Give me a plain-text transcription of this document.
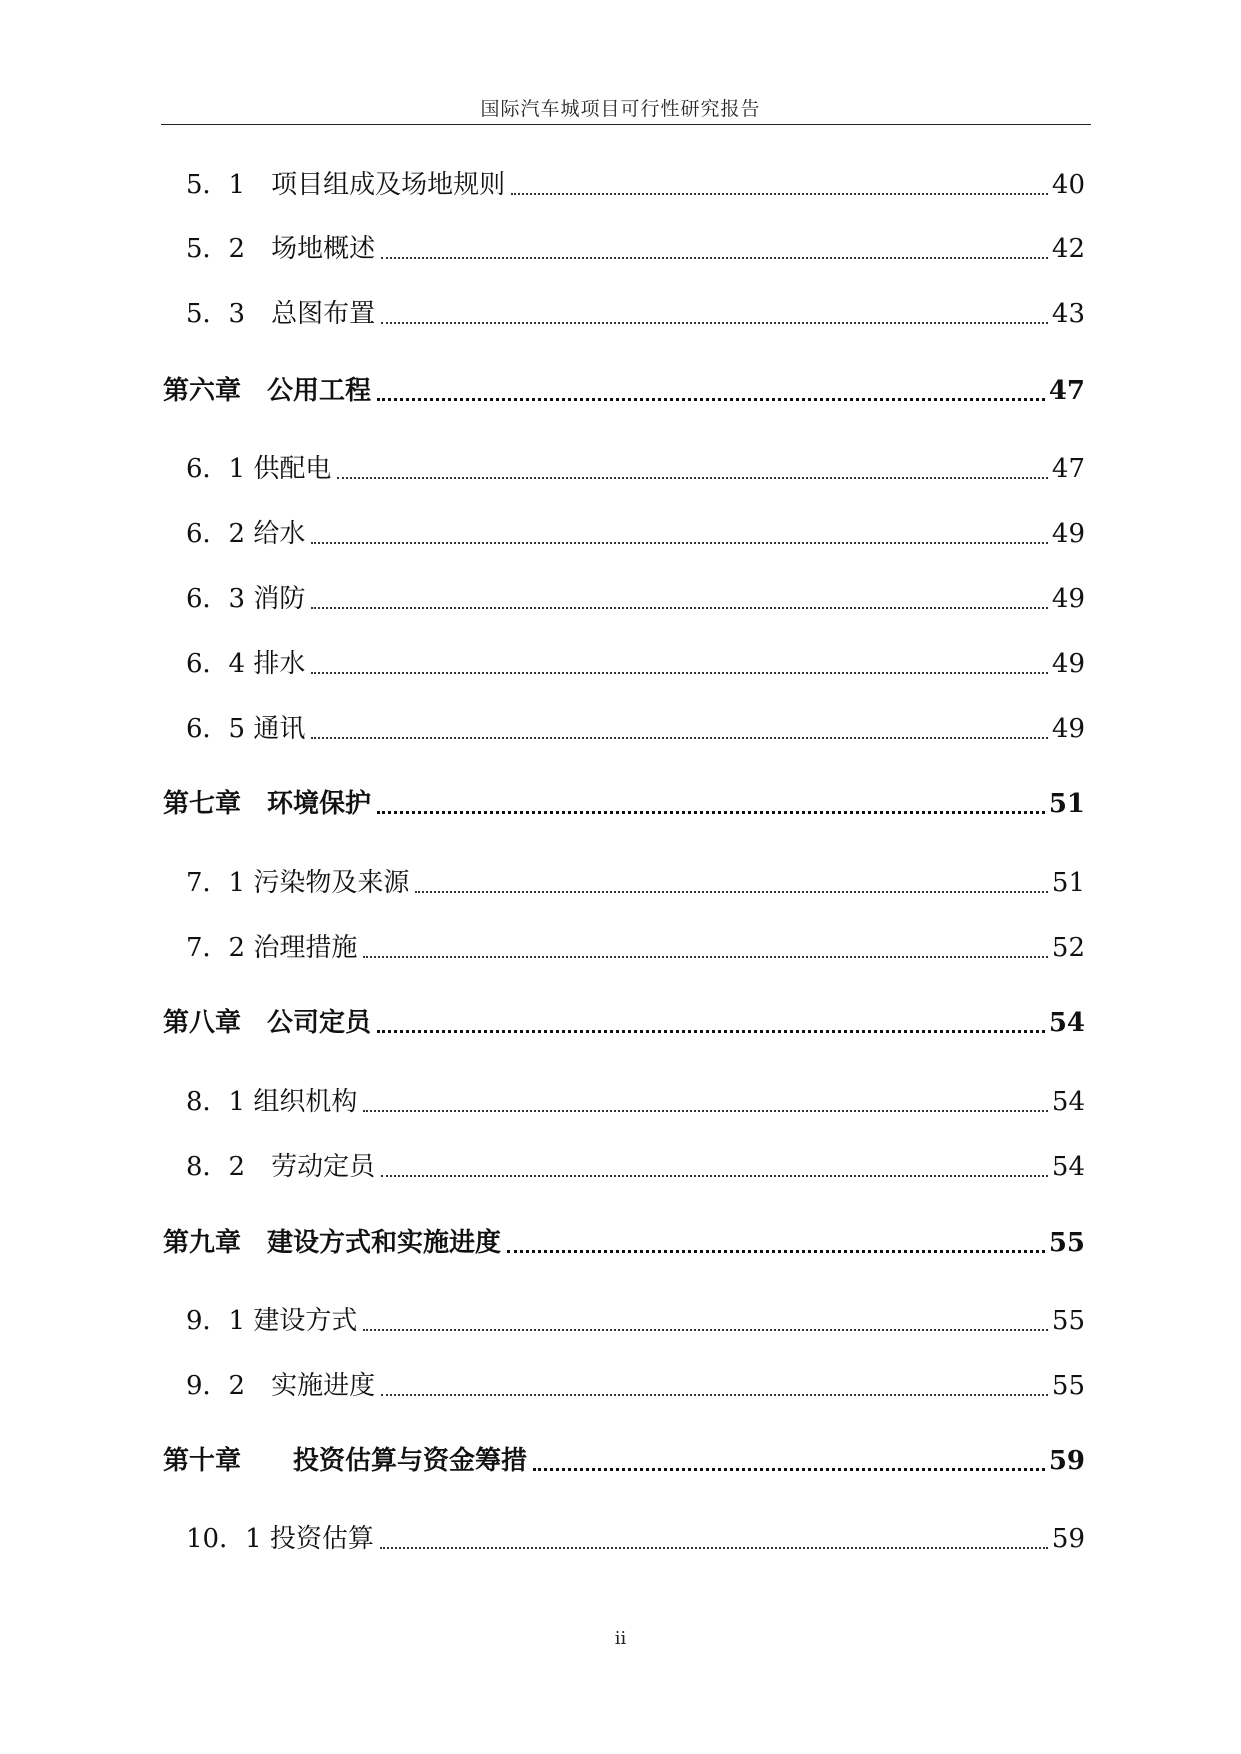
国际汽车城项目可行性研究报告
5．1　项目组成及场地规则	40
5．2　场地概述	42
5．3　总图布置	43
第六章　公用工程	47
6．1 供配电	47
6．2 给水	49
6．3 消防	49
6．4 排水	49
6．5 通讯	49
第七章　环境保护	51
7．1 污染物及来源	51
7．2 治理措施	52
第八章　公司定员	54
8．1 组织机构	54
8．2　劳动定员	54
第九章　建设方式和实施进度	55
9．1 建设方式	55
9．2　实施进度	55
第十章　　投资估算与资金筹措	59
10．1 投资估算	59
ii
